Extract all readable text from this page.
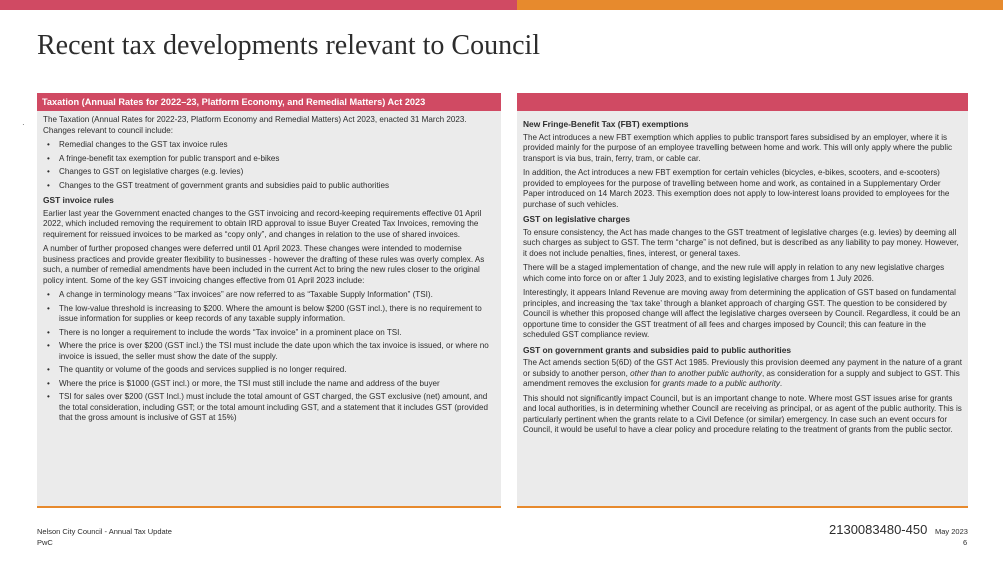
Recent tax developments relevant to Council
·
Taxation (Annual Rates for 2022–23, Platform Economy, and Remedial Matters) Act 2023

The Taxation (Annual Rates for 2022-23, Platform Economy and Remedial Matters) Act 2023, enacted 31 March 2023. Changes relevant to council include:

• Remedial changes to the GST tax invoice rules
• A fringe-benefit tax exemption for public transport and e-bikes
• Changes to GST on legislative charges (e.g. levies)
• Changes to the GST treatment of government grants and subsidies paid to public authorities
GST invoice rules

Earlier last year the Government enacted changes to the GST invoicing and record-keeping requirements effective 01 April 2022, which included removing the requirement to obtain IRD approval to issue Buyer Created Tax Invoices, removing the requirement for reissued invoices to be marked as “copy only”, and changes in relation to the use of shared invoices.

A number of further proposed changes were deferred until 01 April 2023. These changes were intended to modernise business practices and provide greater flexibility to businesses - however the drafting of these rules was overly complex. As such, a number of remedial amendments have been included in the current Act to bring the new rules closer to the original policy intent. Some of the key GST invoicing changes effective from 01 April 2023 include:

• A change in terminology means “Tax invoices” are now referred to as “Taxable Supply Information” (TSI).
• The low-value threshold is increasing to $200. Where the amount is below $200 (GST incl.), there is no requirement to issue information for supplies or keep records of any taxable supply information.
• There is no longer a requirement to include the words “Tax invoice” in a prominent place on TSI.
• Where the price is over $200 (GST incl.) the TSI must include the date upon which the tax invoice is issued, or where no invoice is issued, the seller must show the date of the supply.
• The quantity or volume of the goods and services supplied is no longer required.
• Where the price is $1000 (GST incl.) or more, the TSI must still include the name and address of the buyer
• TSI for sales over $200 (GST Incl.) must include the total amount of GST charged, the GST exclusive (net) amount, and the total consideration, including GST; or the total amount including GST, and a statement that it includes GST (provided that the gross amount is inclusive of GST at 15%)
New Fringe-Benefit Tax (FBT) exemptions

The Act introduces a new FBT exemption which applies to public transport fares subsidised by an employer, where it is provided mainly for the purpose of an employee travelling between home and work. This will only apply where the public transport is via bus, train, ferry, tram, or cable car.

In addition, the Act introduces a new FBT exemption for certain vehicles (bicycles, e-bikes, scooters, and e-scooters) provided to employees for the purpose of travelling between home and work, as contained in a Supplementary Order Paper introduced on 14 March 2023. This exemption does not apply to low-interest loans provided to employees for the purchase of such vehicles.

GST on legislative charges

To ensure consistency, the Act has made changes to the GST treatment of legislative charges (e.g. levies) by deeming all such charges as subject to GST. The term “charge” is not defined, but is described as any liability to pay money. However, it does not include penalties, fines, interest, or general taxes.

There will be a staged implementation of change, and the new rule will apply in relation to any new legislative charges which come into force on or after 1 July 2023, and to existing legislative charges from 1 July 2026.

Interestingly, it appears Inland Revenue are moving away from determining the application of GST based on fundamental principles, and increasing the ‘tax take’ through a blanket approach of charging GST. The question to be considered by Council is whether this proposed change will affect the legislative charges overseen by Council. Regardless, it could be an opportune time to consider the GST treatment of all fees and charges imposed by Council; this can feature in the scheduled GST compliance review.

GST on government grants and subsidies paid to public authorities

The Act amends section 5(6D) of the GST Act 1985. Previously this provision deemed any payment in the nature of a grant or subsidy to another person, other than to another public authority, as consideration for a supply and subject to GST. This amendment removes the exclusion for grants made to a public authority.

This should not significantly impact Council, but is an important change to note. Where most GST issues arise for grants and local authorities, is in determining whether Council are receiving as principal, or as agent of the public authority. This is particularly pertinent when the grants relate to a Civil Defence (or similar) emergency. In case such an event occurs for Council, it would be useful to have a clear policy and procedure relating to the treatment of grants from the public sector.

Nelson City Council - Annual Tax Update
PwC
2130083480-450 May 2023
6
